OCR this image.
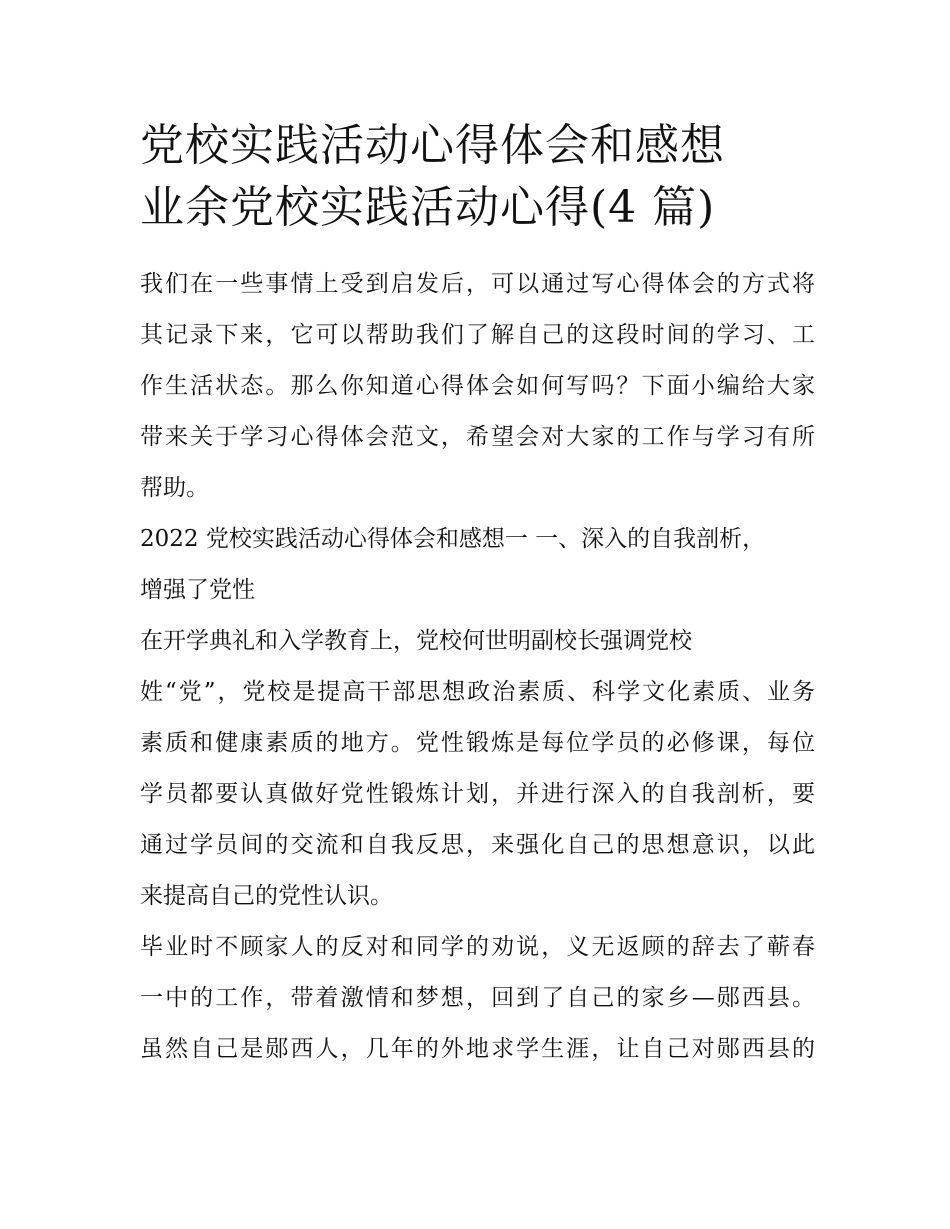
党校实践活动心得体会和感想
业余党校实践活动心得(4 篇)

我们在一些事情上受到启发后，可以通过写心得体会的方式将
其记录下来，它可以帮助我们了解自己的这段时间的学习、工
作生活状态。那么你知道心得体会如何写吗？下面小编给大家
带来关于学习心得体会范文，希望会对大家的工作与学习有所
帮助。

2022 党校实践活动心得体会和感想一 一、深入的自我剖析，
增强了党性

在开学典礼和入学教育上，党校何世明副校长强调党校
姓“党”，党校是提高干部思想政治素质、科学文化素质、业务
素质和健康素质的地方。党性锻炼是每位学员的必修课，每位
学员都要认真做好党性锻炼计划，并进行深入的自我剖析，要
通过学员间的交流和自我反思，来强化自己的思想意识，以此
来提高自己的党性认识。

毕业时不顾家人的反对和同学的劝说，义无返顾的辞去了蕲春
一中的工作，带着激情和梦想，回到了自己的家乡—郧西县。
虽然自己是郧西人，几年的外地求学生涯，让自己对郧西县的
